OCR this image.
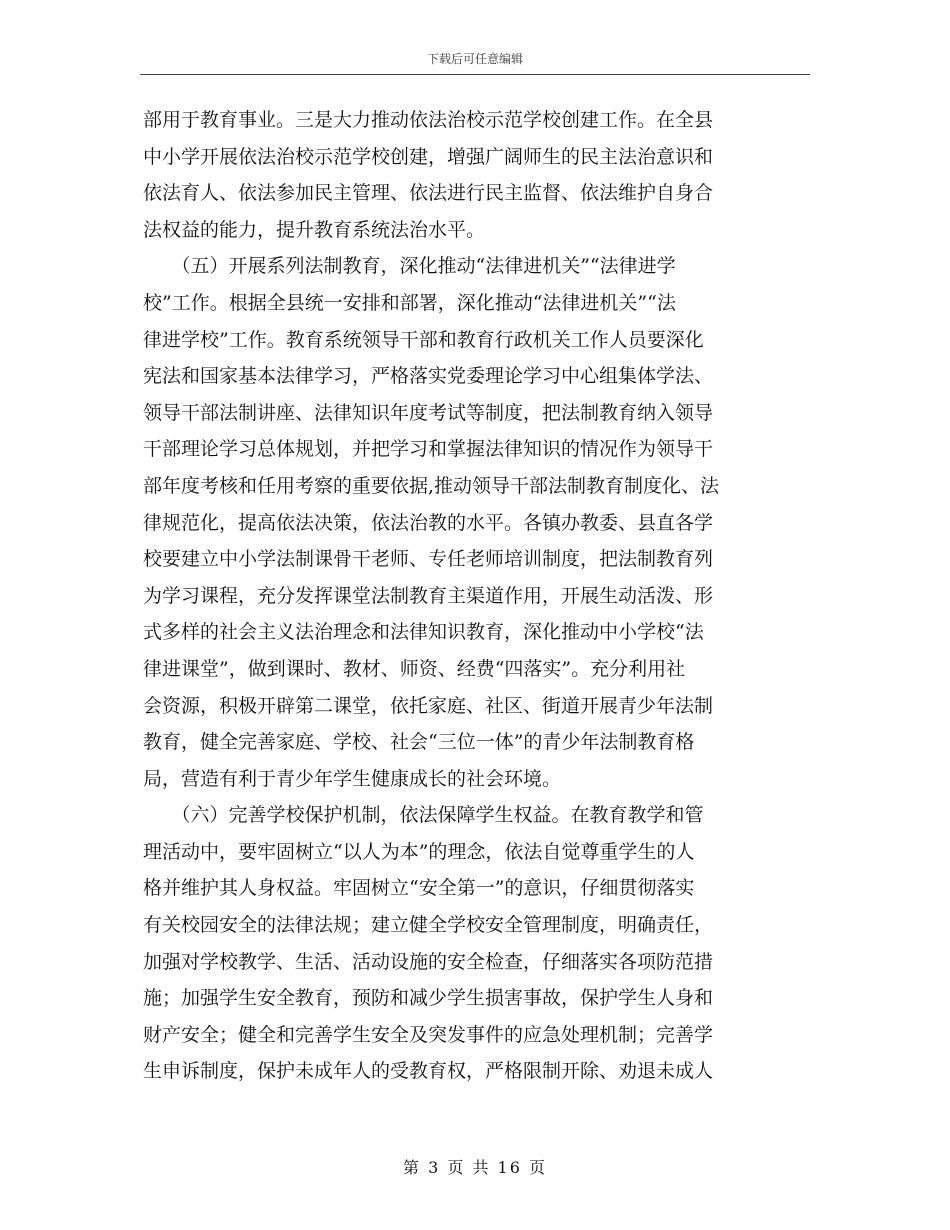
下载后可任意编辑
部用于教育事业。三是大力推动依法治校示范学校创建工作。在全县
中小学开展依法治校示范学校创建，增强广阔师生的民主法治意识和
依法育人、依法参加民主管理、依法进行民主监督、依法维护自身合
法权益的能力，提升教育系统法治水平。
　　（五）开展系列法制教育，深化推动“法律进机关”“法律进学
校”工作。根据全县统一安排和部署，深化推动“法律进机关”“法
律进学校”工作。教育系统领导干部和教育行政机关工作人员要深化
宪法和国家基本法律学习，严格落实党委理论学习中心组集体学法、
领导干部法制讲座、法律知识年度考试等制度，把法制教育纳入领导
干部理论学习总体规划，并把学习和掌握法律知识的情况作为领导干
部年度考核和任用考察的重要依据,推动领导干部法制教育制度化、法
律规范化，提高依法决策，依法治教的水平。各镇办教委、县直各学
校要建立中小学法制课骨干老师、专任老师培训制度，把法制教育列
为学习课程，充分发挥课堂法制教育主渠道作用，开展生动活泼、形
式多样的社会主义法治理念和法律知识教育，深化推动中小学校“法
律进课堂”，做到课时、教材、师资、经费“四落实”。充分利用社
会资源，积极开辟第二课堂，依托家庭、社区、街道开展青少年法制
教育，健全完善家庭、学校、社会“三位一体”的青少年法制教育格
局，营造有利于青少年学生健康成长的社会环境。
　　（六）完善学校保护机制，依法保障学生权益。在教育教学和管
理活动中，要牢固树立“以人为本”的理念，依法自觉尊重学生的人
格并维护其人身权益。牢固树立“安全第一”的意识，仔细贯彻落实
有关校园安全的法律法规；建立健全学校安全管理制度，明确责任，
加强对学校教学、生活、活动设施的安全检查，仔细落实各项防范措
施；加强学生安全教育，预防和减少学生损害事故，保护学生人身和
财产安全；健全和完善学生安全及突发事件的应急处理机制；完善学
生申诉制度，保护未成年人的受教育权，严格限制开除、劝退未成人
第 3 页 共 16 页
